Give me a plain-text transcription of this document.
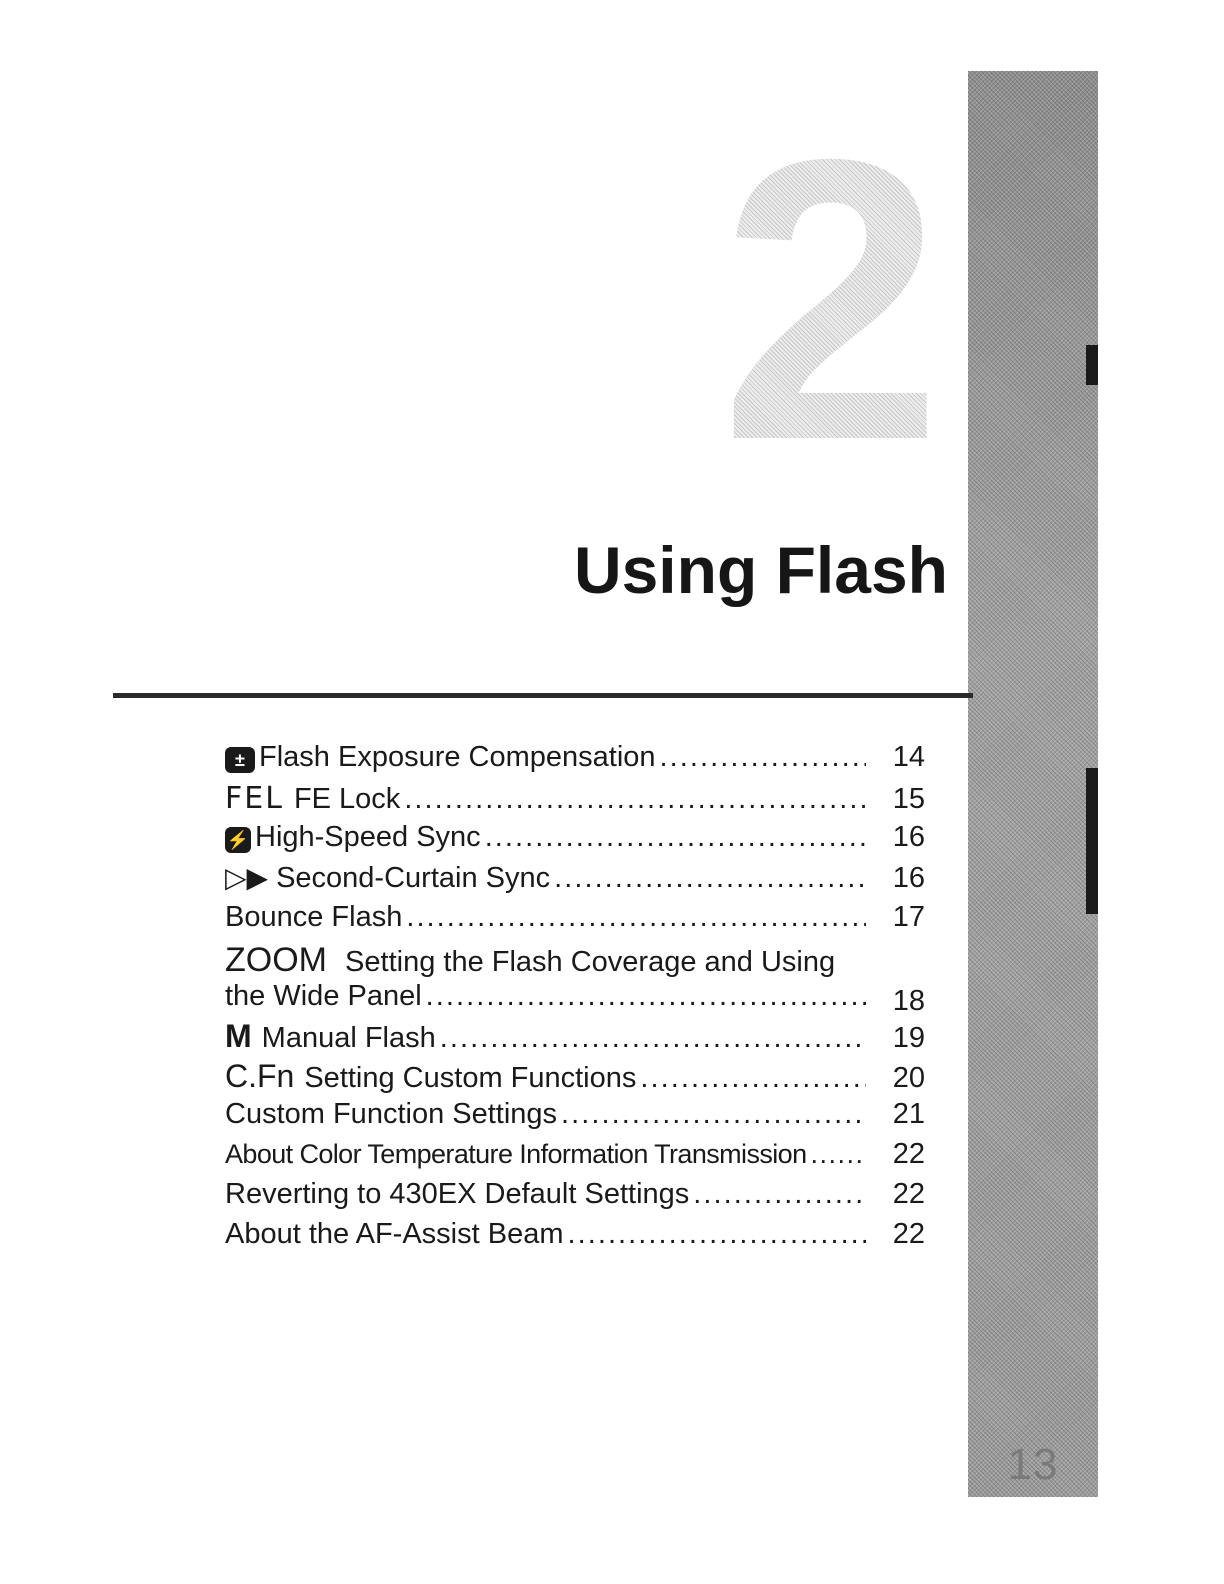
13
2
Using Flash
± Flash Exposure Compensation . . .	14
FEL FE Lock . . .	15
⚡ High-Speed Sync . . .	16
▷▶ Second-Curtain Sync . . .	16
Bounce Flash . . .	17
ZOOM Setting the Flash Coverage and Using
the Wide Panel . . .	18
M Manual Flash . . .	19
C.Fn Setting Custom Functions . . .	20
Custom Function Settings . . .	21
About Color Temperature Information Transmission . . .	22
Reverting to 430EX Default Settings . . .	22
About the AF-Assist Beam . . .	22
